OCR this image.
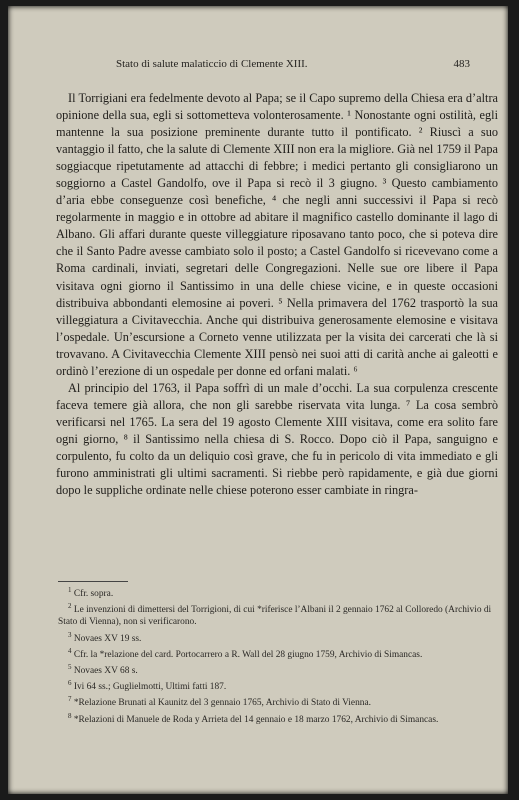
Stato di salute malaticcio di Clemente XIII.	483

Il Torrigiani era fedelmente devoto al Papa; se il Capo supremo della Chiesa era d’altra opinione della sua, egli si sottometteva volonterosamente. ¹ Nonostante ogni ostilità, egli mantenne la sua posizione preminente durante tutto il pontificato. ² Riuscì a suo vantaggio il fatto, che la salute di Clemente XIII non era la migliore. Già nel 1759 il Papa soggiacque ripetutamente ad attacchi di febbre; i medici pertanto gli consigliarono un soggiorno a Castel Gandolfo, ove il Papa si recò il 3 giugno. ³ Questo cambiamento d’aria ebbe conseguenze così benefiche, ⁴ che negli anni successivi il Papa si recò regolarmente in maggio e in ottobre ad abitare il magnifico castello dominante il lago di Albano. Gli affari durante queste villeggiature riposavano tanto poco, che si poteva dire che il Santo Padre avesse cambiato solo il posto; a Castel Gandolfo si ricevevano come a Roma cardinali, inviati, segretari delle Congregazioni. Nelle sue ore libere il Papa visitava ogni giorno il Santissimo in una delle chiese vicine, e in queste occasioni distribuiva abbondanti elemosine ai poveri. ⁵ Nella primavera del 1762 trasportò la sua villeggiatura a Civitavecchia. Anche qui distribuiva generosamente elemosine e visitava l’ospedale. Un’escursione a Corneto venne utilizzata per la visita dei carcerati che là si trovavano. A Civitavecchia Clemente XIII pensò nei suoi atti di carità anche ai galeotti e ordinò l’erezione di un ospedale per donne ed orfani malati. ⁶

Al principio del 1763, il Papa soffrì di un male d’occhi. La sua corpulenza crescente faceva temere già allora, che non gli sarebbe riservata vita lunga. ⁷ La cosa sembrò verificarsi nel 1765. La sera del 19 agosto Clemente XIII visitava, come era solito fare ogni giorno, ⁸ il Santissimo nella chiesa di S. Rocco. Dopo ciò il Papa, sanguigno e corpulento, fu colto da un deliquio così grave, che fu in pericolo di vita immediato e gli furono amministrati gli ultimi sacramenti. Si riebbe però rapidamente, e già due giorni dopo le suppliche ordinate nelle chiese poterono esser cambiate in ringra-

$^1$ Cfr. sopra.

$^2$ Le invenzioni di dimettersi del Torrigioni, di cui *riferisce l’Albani il 2 gennaio 1762 al Colloredo (Archivio di Stato di Vienna), non si verificarono.

$^3$ Novaes XV 19 ss.

$^4$ Cfr. la *relazione del card. Portocarrero a R. Wall del 28 giugno 1759, Archivio di Simancas.

$^5$ Novaes XV 68 s.

$^6$ Ivi 64 ss.; Guglielmotti, Ultimi fatti 187.

$^7$ *Relazione Brunati al Kaunitz del 3 gennaio 1765, Archivio di Stato di Vienna.

$^8$ *Relazioni di Manuele de Roda y Arrieta del 14 gennaio e 18 marzo 1762, Archivio di Simancas.
